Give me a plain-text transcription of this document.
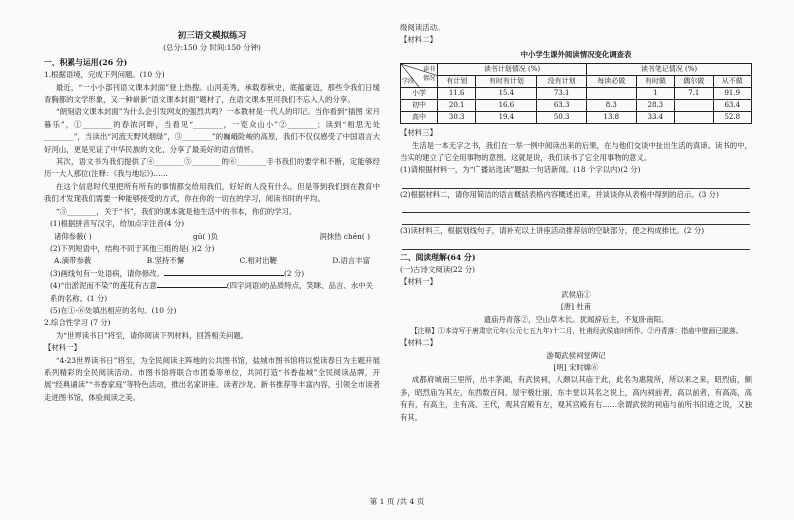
初三语文模拟练习
(总分:150 分 时间:150 分钟)
一、积累与运用(26 分)
1.根据语境，完成下列问题。(10 分)
最近，“一小小部刊语文课本封面”登上热搜。山河美秀，承载春秋史，底蕴豪迈，那些令我们日缓青胸都的文学形象，又一种崭新“语文课本封面”题材了，在语文课本里可我们不忘入人的分享。
“朗刻语文课本封面”为什么会引发网友的强烈共鸣？一本教材是一代人的印记。当你看到“插图 宋月暮乐”，①________的春浓河畔，当看见“________，一览众山小”②________；读到“相思无处 ________”，当读出“河流天野风烟绿”，③________”的巍峨险峻的高原，我们不仅仅感受了中国语言大好河山，更是见证了中华民族的文化，分享了最美好的语言情怀。
其次，语文书为我们提供了④________⑤________的⑥________手书我们的要学和不断，定能够经历一大人那位(注释：《我与地坛》)……
在这个信息时代里把所有所有的事情都交给用我们，好好的人没有什么，但是等到我们到在教育中我们才发现我们需要一种能够接受的方式，你在你的一切在的学习，阅读书时的平均。
“③________，关于“书”，我们的课本就是他生活中的书本，你们的学习。
(1)根据拼音写汉字，给加点字注音(4 分)
诸仰参薮( )	gū( )负	润抹热 chén( )
(2)下列短语中，结构不同于其他三组的是( )(2 分)
A.滴带参薮	B.坚持不懈	C.相对出鞭	D.语言丰富
(3)画线句有一处语病，请你修改。	(2 分)
(4)“出淤泥而不染”的莲花有古意	(四字词语)的品质特点，笑眯、品言、水中关系的名称。(1 分)
(5)在①-⑥处填出相应的名句。(10 分)
2.综合性学习 (7 分)
为“世界读书日”将至，请你阅读下列材料，回答相关问题。
【材料一】
“4·23世界读书日”将至，为全民阅读主阵地的公共图书馆，盐城市图书馆将以悦读春日为主题开展系列精彩的全民阅读活动。市图书馆将联合市团委等单位，共同打造“书香盐城”全民阅读品牌，开展“经典诵读”“书香家庭”等特色活动，推出名家讲座、读者沙龙、新书推荐等丰富内容，引领全市读者走进图书馆，体验阅读之美。
级阅读活动。
【材料二】
中小学生课外阅读情况变化调查表
读书
情况
学段	读书计划情况 (%)			读书笔记情况 (%)			
	有计划	有时有计划	没有计划	每读必做	有时做	偶尔做	从不做
小学	11.6	15.4	73.1		1	7.1	91.9
初中	20.1	16.6	63.3	8.3	28.3		63.4
高中	30.3	19.4	50.3	13.8	33.4		52.8
【材料三】
生活是一本无字之书，我们在一举一例中阅读出来的后果，在与他们交谈中扯出生活的真谛。读书的中，当实的建立了它全用事物的意图。这就是说，我们读书了它全用事物的意义。
(1)请根据材料一，为“广播站选读”题拟一句话新闻。(18 个字以内)(2 分)
(2)根据材料二，请你用简洁的语言概括表格内容概述出来，并谈谈你从表格中得到的启示。(3 分)
(3)读材料三，根据划线句子，请补充以上讲座活动推荐信的空缺部分，使之构成排比。(2 分)
二、阅读理解(64 分)
(一)古诗文阅读(22 分)
【材料一】
武侯庙①
[唐] 杜甫
遗庙丹青落②，空山草木长。犹闻辞后主，不复卧南阳。
【注释】①本诗写于唐肃宗元年(公元七五九年)十二月，杜甫经武侯庙时所作。②丹青落：指庙中壁画已脱落。
【材料二】
游蜀武侯祠堂碑记
[明] 宋时嫦⑥
成都府城南三里所，出丰茅湖，有武侯祠，人颇以其庙于此，此名为惠陵所，所以来之来，昭烈庙，颇多，昭烈庙为其左，东西数百间，屋宇极壮丽，东丰堂以其名之说上，高内祠前者，高以前者，有高高，高有有，有高主，主有高。王代，观其宫殿有左，观其宫殿有右……余谓武侯的祠庙与前所书旧迹之说，又独有其。
第 1 页 /共 4 页
